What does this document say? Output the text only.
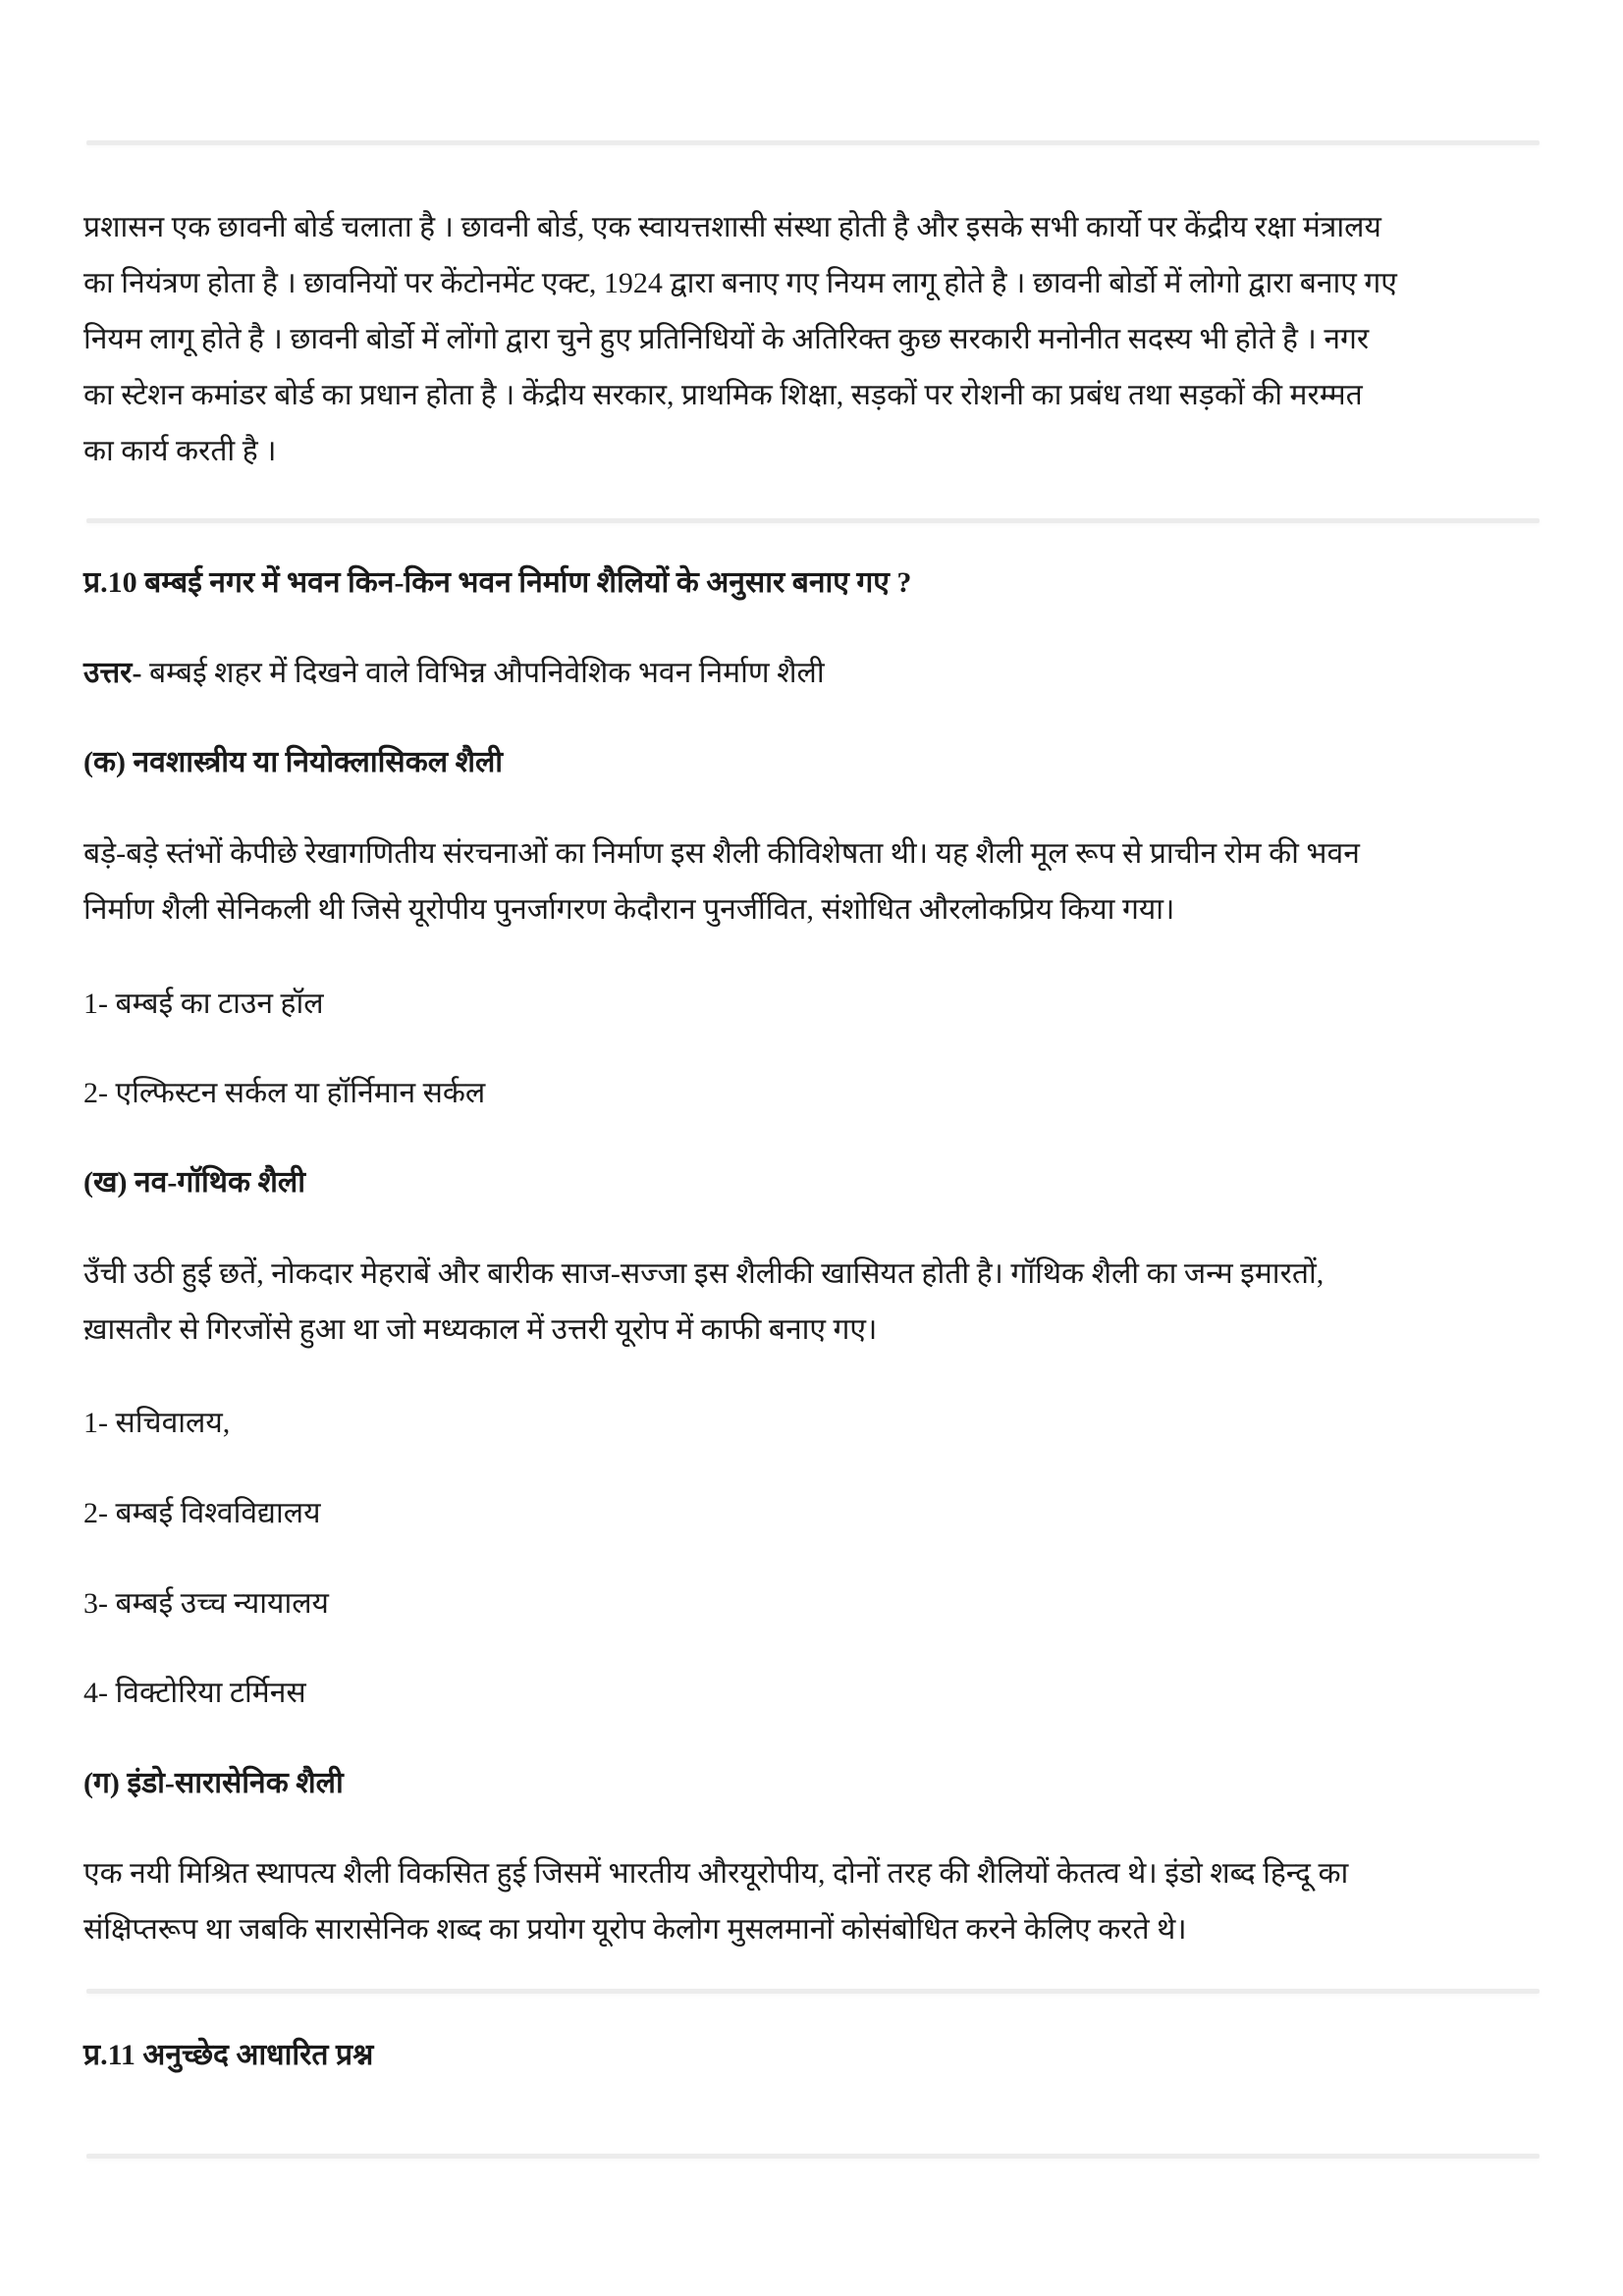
प्रशासन एक छावनी बोर्ड चलाता है । छावनी बोर्ड, एक स्वायत्तशासी संस्था होती है और इसके सभी कार्यो पर केंद्रीय रक्षा मंत्रालय

का नियंत्रण होता है । छावनियों पर केंटोनमेंट एक्ट, 1924 द्वारा बनाए गए नियम लागू होते है । छावनी बोर्डो में लोगो द्वारा बनाए गए

नियम लागू होते है । छावनी बोर्डो में लोंगो द्वारा चुने हुए प्रतिनिधियों के अतिरिक्त कुछ सरकारी मनोनीत सदस्य भी होते है । नगर

का स्टेशन कमांडर बोर्ड का प्रधान होता है । केंद्रीय सरकार, प्राथमिक शिक्षा, सड़कों पर रोशनी का प्रबंध तथा सड़कों की मरम्मत

का कार्य करती है ।

प्र.10 बम्बई नगर में भवन किन-किन भवन निर्माण शैलियों के अनुसार बनाए गए ?

उत्तर- बम्बई शहर में दिखने वाले विभिन्न औपनिवेशिक भवन निर्माण शैली

(क) नवशास्त्रीय या नियोक्लासिकल शैली

बड़े-बड़े स्तंभों केपीछे रेखागणितीय संरचनाओं का निर्माण इस शैली कीविशेषता थी। यह शैली मूल रूप से प्राचीन रोम की भवन

निर्माण शैली सेनिकली थी जिसे यूरोपीय पुनर्जागरण केदौरान पुनर्जीवित, संशोधित औरलोकप्रिय किया गया।

1- बम्बई का टाउन हॉल

2- एल्फिस्टन सर्कल या हॉर्निमान सर्कल

(ख) नव-गॉथिक शैली

उँची उठी हुई छतें, नोकदार मेहराबें और बारीक साज-सज्जा इस शैलीकी खासियत होती है। गॉथिक शैली का जन्म इमारतों,

ख़ासतौर से गिरजोंसे हुआ था जो मध्यकाल में उत्तरी यूरोप में काफी बनाए गए।

1- सचिवालय,

2- बम्बई विश्वविद्यालय

3- बम्बई उच्च न्यायालय

4- विक्टोरिया टर्मिनस

(ग) इंडो-सारासेनिक शैली

एक नयी मिश्रित स्थापत्य शैली विकसित हुई जिसमें भारतीय औरयूरोपीय, दोनों तरह की शैलियों केतत्व थे। इंडो शब्द हिन्दू का

संक्षिप्तरूप था जबकि सारासेनिक शब्द का प्रयोग यूरोप केलोग मुसलमानों कोसंबोधित करने केलिए करते थे।

प्र.11 अनुच्छेद आधारित प्रश्न
